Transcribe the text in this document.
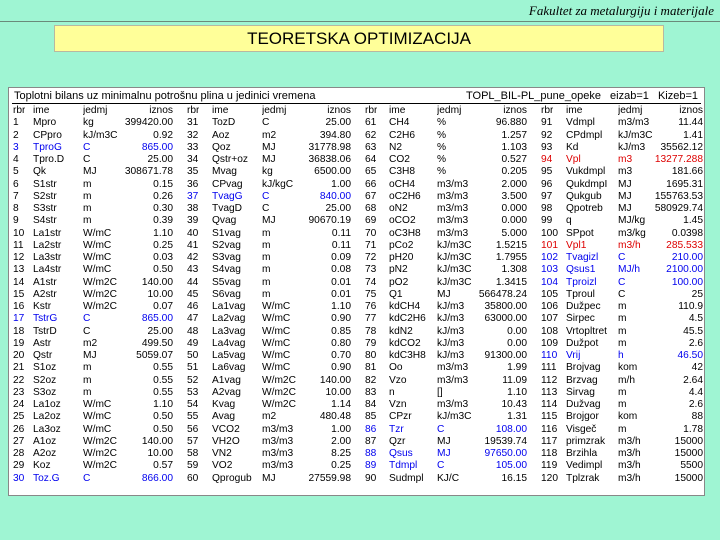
Fakultet za metalurgiju i materijale
TEORETSKA OPTIMIZACIJA
Toplotni bilans uz minimalnu potrošnu plina u jedinici vremena	TOPL_BIL-PL_pune_opeke eizab=1 Kizeb=1
rbr ime	jedmj	iznos rbr ime	jedmj	iznos rbr ime	jedmj	iznos rbr ime	jedmj	iznos
1 Mpro	kg	399420.00 31 TozD	C	25.00 61 CH4	%	96.880 91 Vdmpl	m3/m3	11.44
2 CPpro	kJ/m3C	0.92 32 Aoz	m2	394.80 62 C2H6	%	1.257 92 CPdmpl	kJ/m3C	1.41
3 TproG	C	865.00 33 Qoz	MJ	31778.98 63 N2	%	1.103 93 Kd	kJ/m3	35562.12
4 Tpro.D	C	25.00 34 Qstr+oz	MJ	36838.06 64 CO2	%	0.527 94 Vpl	m3	13277.288
5 Qk	MJ	308671.78 35 Mvag	kg	6500.00 65 C3H8	%	0.205 95 Vukdmpl	m3	181.66
6 S1str	m	0.15 36 CPvag	kJ/kgC	1.00 66 oCH4	m3/m3	2.000 96 QukdmpI	MJ	1695.31
7 S2str	m	0.26 37 TvagG	C	840.00 67 oC2H6	m3/m3	3.500 97 Qukgub	MJ	155763.53
8 S3str	m	0.30 38 TvagD	C	25.00 68 oN2	m3/m3	0.000 98 Qpotreb	MJ	580929.74
9 S4str	m	0.39 39 Qvag	MJ	90670.19 69 oCO2	m3/m3	0.000 99 q	MJ/kg	1.45
10 La1str	W/mC	1.10 40 S1vag	m	0.11 70 oC3H8	m3/m3	5.000 100 SPpot	m3/kg	0.0398
11 La2str	W/mC	0.25 41 S2vag	m	0.11 71 pCo2	kJ/m3C	1.5215 101 Vpl1	m3/h	285.533
12 La3str	W/mC	0.03 42 S3vag	m	0.09 72 pH20	kJ/m3C	1.7955 102 Tvagizl	C	210.00
13 La4str	W/mC	0.50 43 S4vag	m	0.08 73 pN2	kJ/m3C	1.308 103 Qsus1	MJ/h	2100.00
14 A1str	W/m2C	140.00 44 S5vag	m	0.01 74 pO2	kJ/m3C	1.3415 104 Tproizl	C	100.00
15 A2str	W/m2C	10.00 45 S6vag	m	0.01 75 Q1	MJ	566478.24 105 Tproul	C	25
16 Kstr	W/m2C	0.07 46 La1vag	W/mC	1.10 76 kdCH4	kJ/m3	35800.00 106 Dužpec	m	110.9
17 TstrG	C	865.00 47 La2vag	W/mC	0.90 77 kdC2H6	kJ/m3	63000.00 107 Širpec	m	4.5
18 TstrD	C	25.00 48 La3vag	W/mC	0.85 78 kdN2	kJ/m3	0.00 108 Vrtopltret	m	45.5
19 Astr	m2	499.50 49 La4vag	W/mC	0.80 79 kdCO2	kJ/m3	0.00 109 Dužpot	m	2.6
20 Qstr	MJ	5059.07 50 La5vag	W/mC	0.70 80 kdC3H8	kJ/m3	91300.00 110 Vrij	h	46.50
21 S1oz	m	0.55 51 La6vag	W/mC	0.90 81 Oo	m3/m3	1.99 111 Brojvag	kom	42
22 S2oz	m	0.55 52 A1vag	W/m2C	140.00 82 Vzo	m3/m3	11.09 112 Brzvag	m/h	2.64
23 S3oz	m	0.55 53 A2vag	W/m2C	10.00 83 n	[]	1.10 113 Širvag	m	4.4
24 La1oz	W/mC	1.10 54 Kvag	W/m2C	1.14 84 Vzn	m3/m3	10.43 114 Dužvag	m	2.6
25 La2oz	W/mC	0.50 55 Avag	m2	480.48 85 CPzr	kJ/m3C	1.31 115 Brojgor	kom	88
26 La3oz	W/mC	0.50 56 VCO2	m3/m3	1.00 86 Tzr	C	108.00 116 Visgeč	m	1.78
27 A1oz	W/m2C	140.00 57 VH2O	m3/m3	2.00 87 Qzr	MJ	19539.74 117 primzrak	m3/h	15000
28 A2oz	W/m2C	10.00 58 VN2	m3/m3	8.25 88 Qsus	MJ	97650.00 118 Brzihla	m3/h	15000
29 Koz	W/m2C	0.57 59 VO2	m3/m3	0.25 89 Tdmpl	C	105.00 119 Vedimpl	m3/h	5500
30 Toz.G	C	866.00 60 Qprogub	MJ	27559.98 90 Sudmpl	KJ/C	16.15 120 Tplzrak	m3/h	15000
